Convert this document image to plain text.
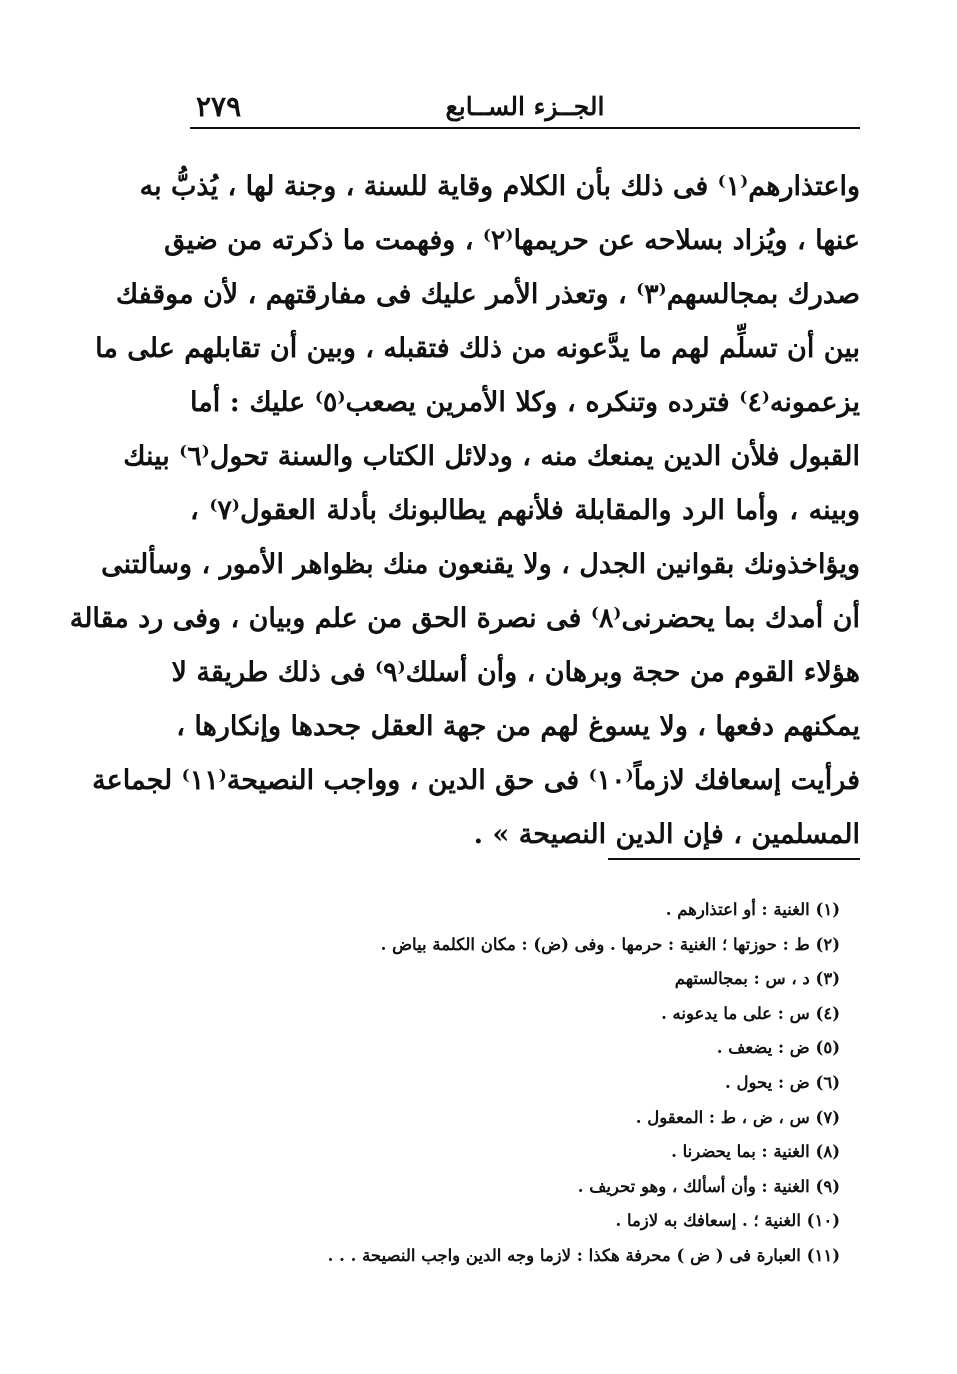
الجــزء الســابع
٢٧٩
واعتذارهم⁽١⁾ فى ذلك بأن الكلام وقاية للسنة ، وجنة لها ، يُذبُّ به
عنها ، ويُزاد بسلاحه عن حريمها⁽٢⁾ ، وفهمت ما ذكرته من ضيق
صدرك بمجالسهم⁽٣⁾ ، وتعذر الأمر عليك فى مفارقتهم ، لأن موقفك
بين أن تسلِّم لهم ما يدَّعونه من ذلك فتقبله ، وبين أن تقابلهم على ما
يزعمونه⁽٤⁾ فترده وتنكره ، وكلا الأمرين يصعب⁽٥⁾ عليك : أما
القبول فلأن الدين يمنعك منه ، ودلائل الكتاب والسنة تحول⁽٦⁾ بينك
وبينه ، وأما الرد والمقابلة فلأنهم يطالبونك بأدلة العقول⁽٧⁾ ،
ويؤاخذونك بقوانين الجدل ، ولا يقنعون منك بظواهر الأمور ، وسألتنى
أن أمدك بما يحضرنى⁽٨⁾ فى نصرة الحق من علم وبيان ، وفى رد مقالة
هؤلاء القوم من حجة وبرهان ، وأن أسلك⁽٩⁾ فى ذلك طريقة لا
يمكنهم دفعها ، ولا يسوغ لهم من جهة العقل جحدها وإنكارها ،
فرأيت إسعافك لازماً⁽١٠⁾ فى حق الدين ، وواجب النصيحة⁽١١⁾ لجماعة
المسلمين ، فإن الدين النصيحة » .
(١) الغنية : أو اعتذارهم .
(٢) ط : حوزتها ؛ الغنية : حرمها . وفى (ض) : مكان الكلمة بياض .
(٣) د ، س : بمجالستهم
(٤) س : على ما يدعونه .
(٥) ض : يضعف .
(٦) ض : يحول .
(٧) س ، ض ، ط : المعقول .
(٨) الغنية : بما يحضرنا .
(٩) الغنية : وأن أسألك ، وهو تحريف .
(١٠) الغنية ؛ . إسعافك به لازما .
(١١) العبارة فى ( ض ) محرفة هكذا : لازما وجه الدين واجب النصيحة . . .
